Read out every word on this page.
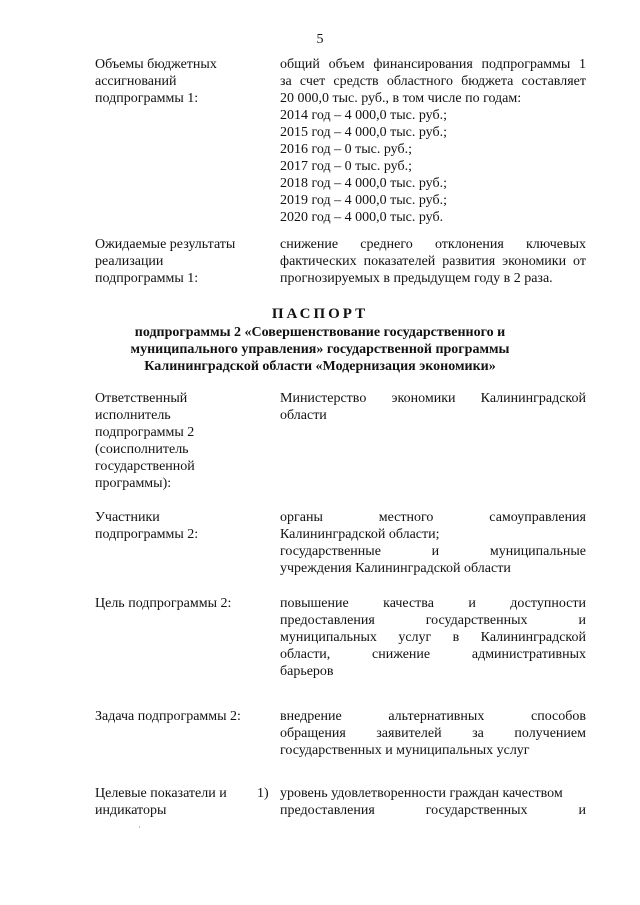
5
Объемы бюджетных
ассигнований
подпрограммы 1:
общий объем финансирования подпрограммы 1
за счет средств областного бюджета составляет
20 000,0 тыс. руб., в том числе по годам:
2014 год – 4 000,0 тыс. руб.;
2015 год – 4 000,0 тыс. руб.;
2016 год – 0 тыс. руб.;
2017 год – 0 тыс. руб.;
2018 год – 4 000,0 тыс. руб.;
2019 год – 4 000,0 тыс. руб.;
2020 год – 4 000,0 тыс. руб.
Ожидаемые результаты
реализации
подпрограммы 1:
снижение среднего отклонения ключевых
фактических показателей развития экономики от
прогнозируемых в предыдущем году в 2 раза.
ПАСПОРТ
подпрограммы 2 «Совершенствование государственного и
муниципального управления» государственной программы
Калининградской области «Модернизация экономики»
Ответственный
исполнитель
подпрограммы 2
(соисполнитель
государственной
программы):
Министерство экономики Калининградской
области
Участники
подпрограммы 2:
органы местного самоуправления
Калининградской области;
государственные и муниципальные
учреждения Калининградской области
Цель подпрограммы 2:	повышение качества и доступности
предоставления государственных и
муниципальных услуг в Калининградской
области, снижение административных
барьеров
Задача подпрограммы 2:	внедрение альтернативных способов
обращения заявителей за получением
государственных и муниципальных услуг
Целевые показатели и
индикаторы
1) уровень удовлетворенности граждан качеством
предоставления государственных и
·
